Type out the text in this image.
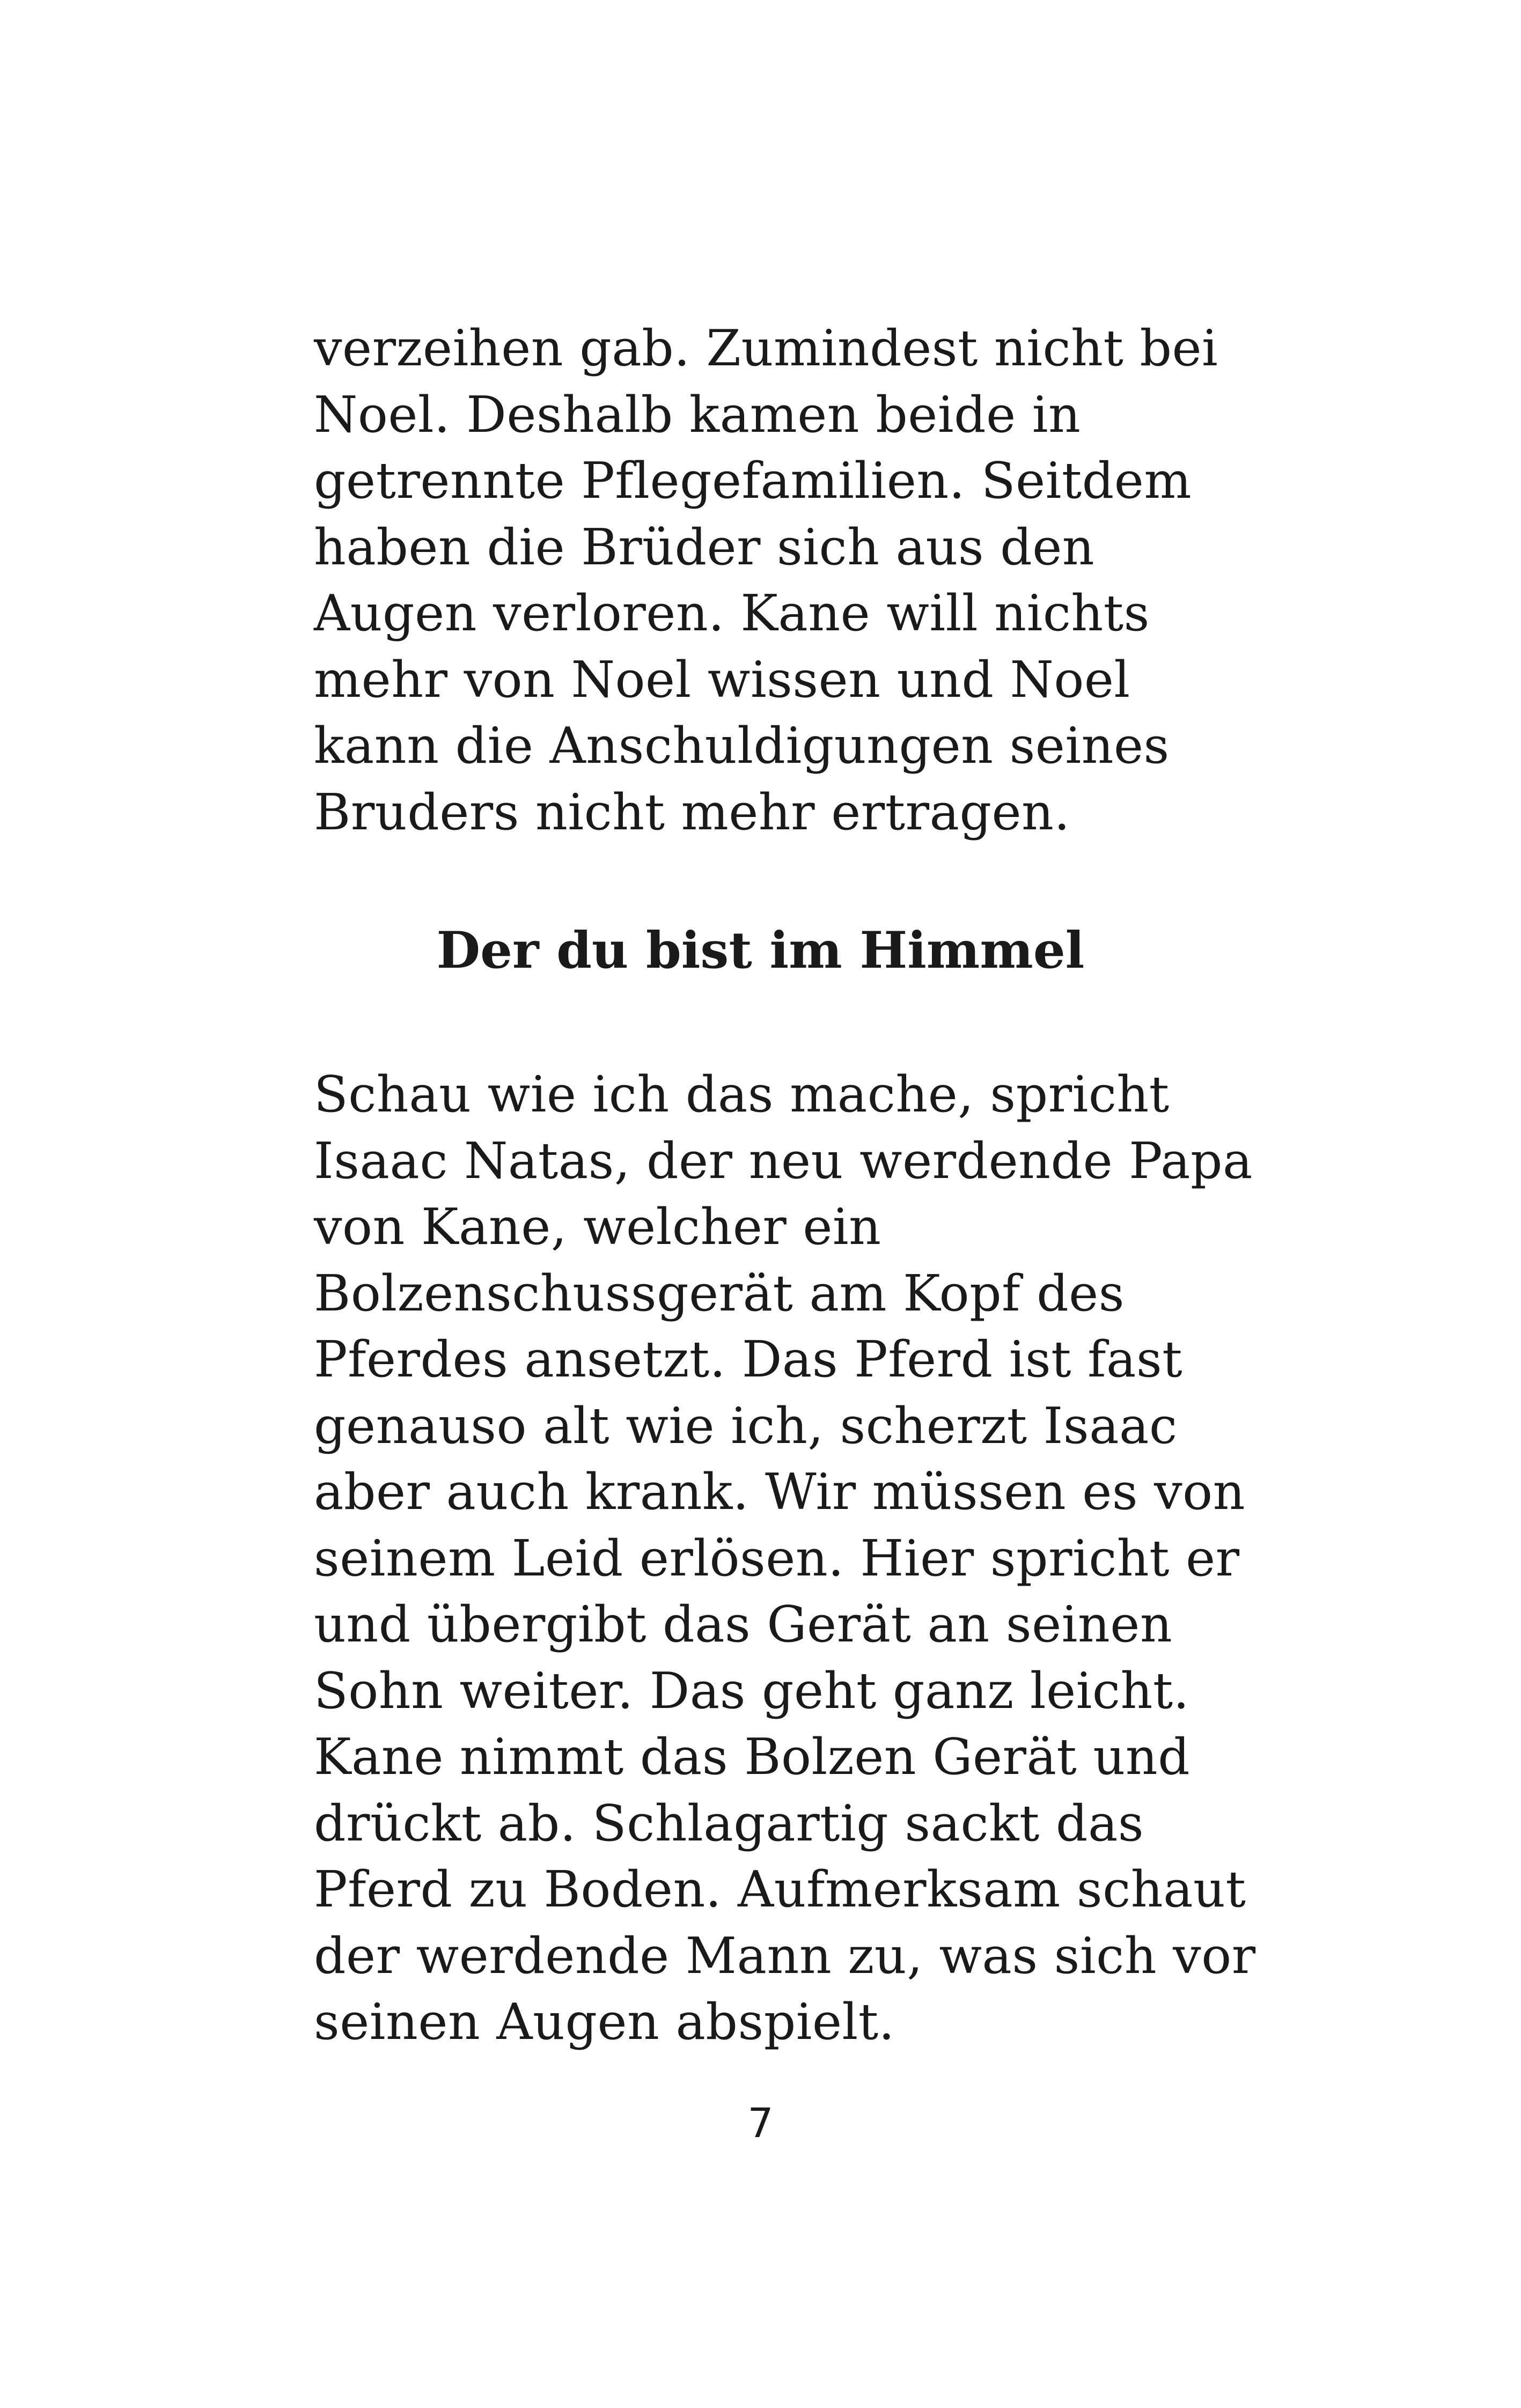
verzeihen gab. Zumindest nicht bei
Noel. Deshalb kamen beide in
getrennte Pflegefamilien. Seitdem
haben die Brüder sich aus den
Augen verloren. Kane will nichts
mehr von Noel wissen und Noel
kann die Anschuldigungen seines
Bruders nicht mehr ertragen.
Der du bist im Himmel
Schau wie ich das mache, spricht
Isaac Natas, der neu werdende Papa
von Kane, welcher ein
Bolzenschussgerät am Kopf des
Pferdes ansetzt. Das Pferd ist fast
genauso alt wie ich, scherzt Isaac
aber auch krank. Wir müssen es von
seinem Leid erlösen. Hier spricht er
und übergibt das Gerät an seinen
Sohn weiter. Das geht ganz leicht.
Kane nimmt das Bolzen Gerät und
drückt ab. Schlagartig sackt das
Pferd zu Boden. Aufmerksam schaut
der werdende Mann zu, was sich vor
seinen Augen abspielt.
7
